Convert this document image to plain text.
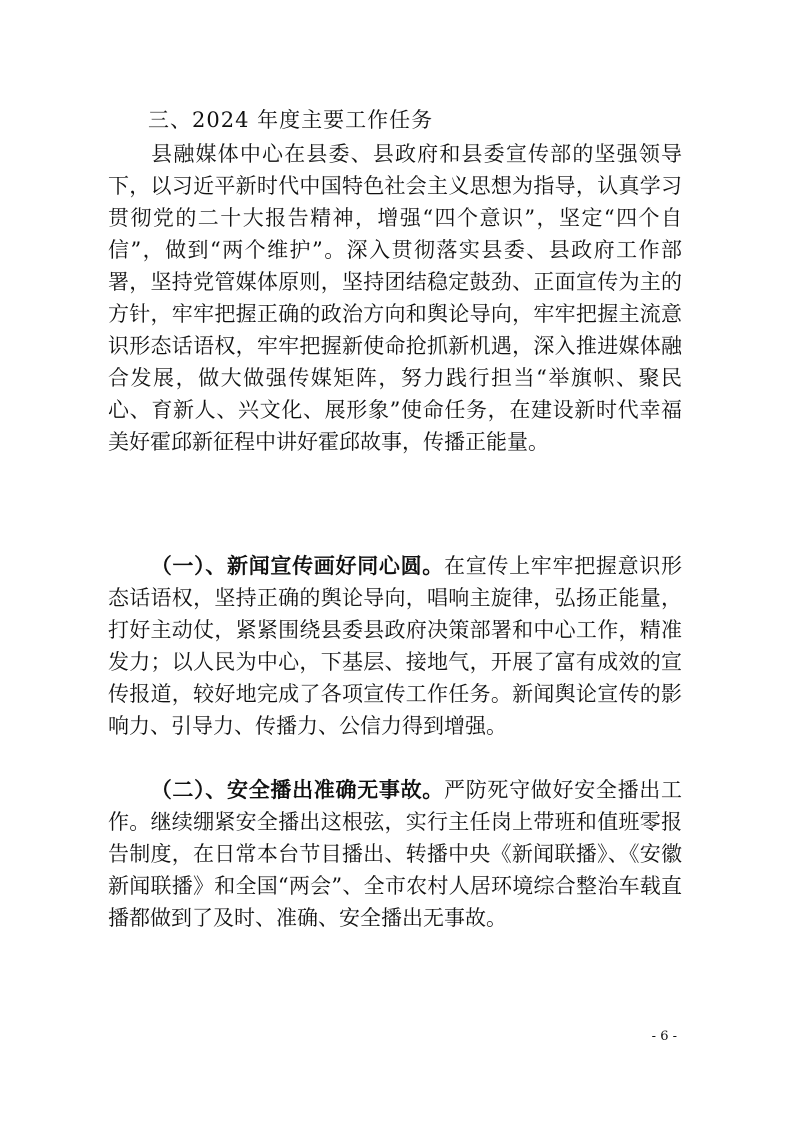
三、2024 年度主要工作任务

县融媒体中心在县委、县政府和县委宣传部的坚强领导下，以习近平新时代中国特色社会主义思想为指导，认真学习贯彻党的二十大报告精神，增强“四个意识”，坚定“四个自信”，做到“两个维护”。深入贯彻落实县委、县政府工作部署，坚持党管媒体原则，坚持团结稳定鼓劲、正面宣传为主的方针，牢牢把握正确的政治方向和舆论导向，牢牢把握主流意识形态话语权，牢牢把握新使命抢抓新机遇，深入推进媒体融合发展，做大做强传媒矩阵，努力践行担当“举旗帜、聚民心、育新人、兴文化、展形象”使命任务，在建设新时代幸福美好霍邱新征程中讲好霍邱故事，传播正能量。

（一）、新闻宣传画好同心圆。在宣传上牢牢把握意识形态话语权，坚持正确的舆论导向，唱响主旋律，弘扬正能量，打好主动仗，紧紧围绕县委县政府决策部署和中心工作，精准发力；以人民为中心，下基层、接地气，开展了富有成效的宣传报道，较好地完成了各项宣传工作任务。新闻舆论宣传的影响力、引导力、传播力、公信力得到增强。

（二）、安全播出准确无事故。严防死守做好安全播出工作。继续绷紧安全播出这根弦，实行主任岗上带班和值班零报告制度，在日常本台节目播出、转播中央《新闻联播》、《安徽新闻联播》和全国“两会”、全市农村人居环境综合整治车载直播都做到了及时、准确、安全播出无事故。

- 6 -
